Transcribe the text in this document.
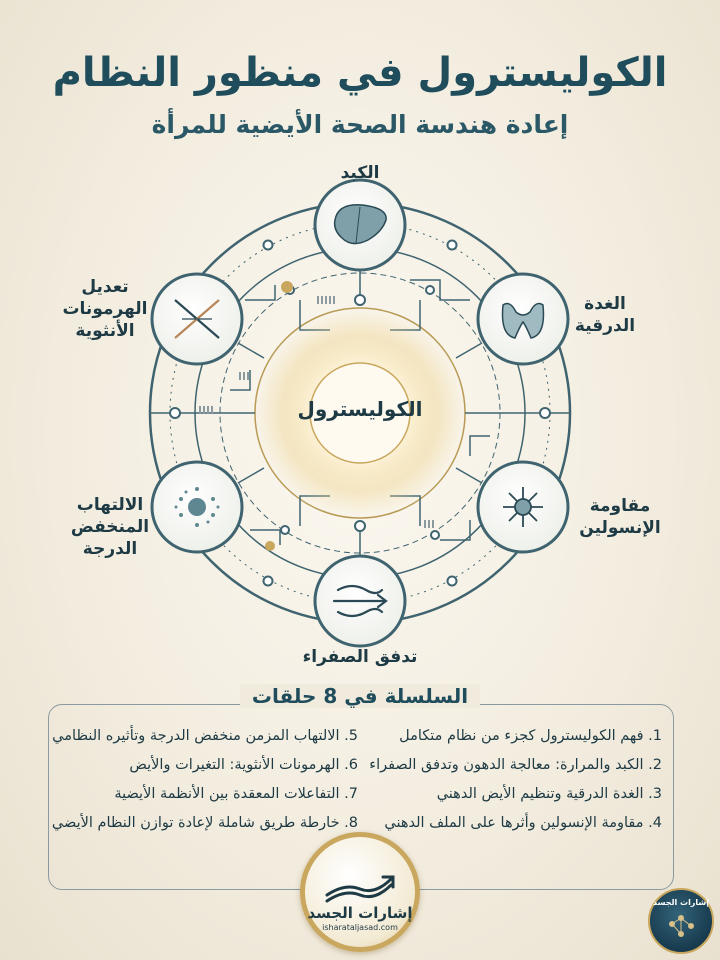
الكوليسترول في منظور النظام
إعادة هندسة الصحة الأيضية للمرأة
الكبد
الغدة
الدرقية
مقاومة
الإنسولين
تدفق الصفراء
الالتهاب
المنخفض
الدرجة
تعديل
الهرمونات
الأنثوية
الكوليسترول
السلسلة في 8 حلقات
1. فهم الكوليسترول كجزء من نظام متكامل
2. الكبد والمرارة: معالجة الدهون وتدفق الصفراء
3. الغدة الدرقية وتنظيم الأيض الدهني
4. مقاومة الإنسولين وأثرها على الملف الدهني
5. الالتهاب المزمن منخفض الدرجة وتأثيره النظامي
6. الهرمونات الأنثوية: التغيرات والأيض
7. التفاعلات المعقدة بين الأنظمة الأيضية
8. خارطة طريق شاملة لإعادة توازن النظام الأيضي
إشارات الجسد
isharataljasad.com
إشارات الجسد
